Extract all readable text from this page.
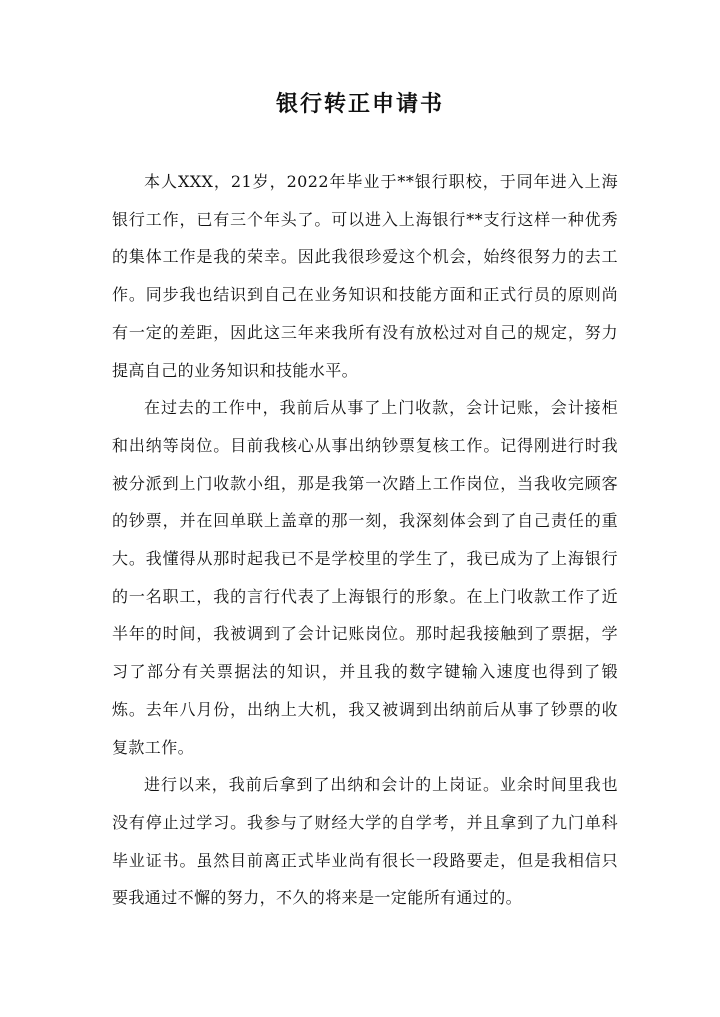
银行转正申请书

本人XXX，21岁，2022年毕业于**银行职校，于同年进入上海银行工作，已有三个年头了。可以进入上海银行**支行这样一种优秀的集体工作是我的荣幸。因此我很珍爱这个机会，始终很努力的去工作。同步我也结识到自己在业务知识和技能方面和正式行员的原则尚有一定的差距，因此这三年来我所有没有放松过对自己的规定，努力提高自己的业务知识和技能水平。

在过去的工作中，我前后从事了上门收款，会计记账，会计接柜和出纳等岗位。目前我核心从事出纳钞票复核工作。记得刚进行时我被分派到上门收款小组，那是我第一次踏上工作岗位，当我收完顾客的钞票，并在回单联上盖章的那一刻，我深刻体会到了自己责任的重大。我懂得从那时起我已不是学校里的学生了，我已成为了上海银行的一名职工，我的言行代表了上海银行的形象。在上门收款工作了近半年的时间，我被调到了会计记账岗位。那时起我接触到了票据，学习了部分有关票据法的知识，并且我的数字键输入速度也得到了锻炼。去年八月份，出纳上大机，我又被调到出纳前后从事了钞票的收复款工作。

进行以来，我前后拿到了出纳和会计的上岗证。业余时间里我也没有停止过学习。我参与了财经大学的自学考，并且拿到了九门单科毕业证书。虽然目前离正式毕业尚有很长一段路要走，但是我相信只要我通过不懈的努力，不久的将来是一定能所有通过的。
